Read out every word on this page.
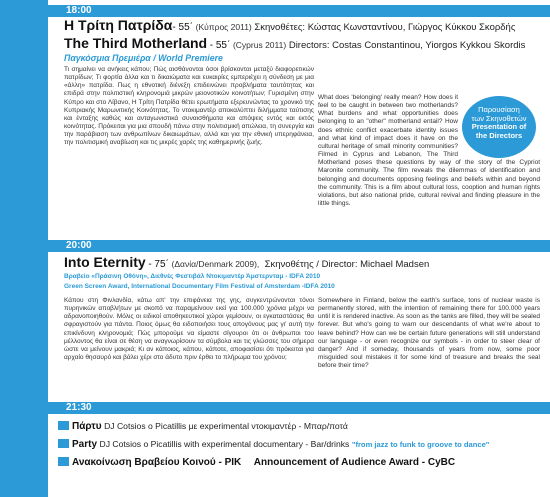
18:00
Η Τρίτη Πατρίδα- 55΄ (Κύπρος 2011) Σκηνοθέτες: Κώστας Κωνσταντίνου, Γιώργος Κύκκου Σκορδής
The Third Motherland - 55΄ (Cyprus 2011) Directors: Costas Constantinou, Yiorgos Kykkou Skordis
Παγκόσμια Πρεμιέρα / World Premiere
Τι σημαίνει να ανήκεις κάπου; Πώς αισθάνονται όσοι βρίσκονται μεταξύ διαφορετικών πατρίδων; Τι φορτία άλλα και τι δικαιώματα και ευκαιρίες εμπεριέχει η σύνδεση με μια «άλλη» πατρίδα. Πως η εθνοτική διένεξη επιδεινώνει προβλήματα ταυτότητας και επιδρά στην πολιτιστική κληρονομιά μικρών μειονοτικών κοινοτήτων; Γυρισμένη στην Κύπρο και στο Λίβανο, Η Τρίτη Πατρίδα θέτει ερωτήματα εξερευνώντας το χρονικό της Κυπριακής Μαρωνιτικής Κοινότητας. Το ντοκιμαντέρ αποκαλύπτει διλήμματα ταύτισης και ένταξης καθώς και ανταγωνιστικά συναισθήματα και απόψεις εντός και εκτός κοινότητας. Πρόκειται για μια σπουδή πάνω στην πολιτισμική απώλεια, τη συνεργία και την παράβιαση των ανθρωπίνων δικαιωμάτων, αλλά και για την εθνική υπερηφάνεια, την πολιτισμική αναβίωση και τις μικρές χαρές της καθημερινής ζωής.
What does 'belonging' really mean? How does it feel to be caught in between two motherlands? What burdens and what opportunities does belonging to an "other" motherland entail? How does ethnic conflict exacerbate identity issues and what kind of impact does it have on the cultural heritage of small minority communities? Filmed in Cyprus and Lebanon, The Third Motherland poses these questions by way of the story of the Cypriot Maronite community. The film reveals the dilemmas of identification and belonging and documents opposing feelings and beliefs within and beyond the community. This is a film about cultural loss, cooption and human rights violations, but also national pride, cultural revival and finding pleasure in the little things.
Παρουσίαση
των Σκηνοθετών
Presentation of
the Directors
20:00
Into Eternity - 75΄ (Δανία/Denmark 2009), Σκηνοθέτης / Director: Michael Madsen
Βραβείο «Πράσινη Οθόνη», Διεθνές Φεστιβάλ Ντοκιμαντέρ Άμστερνταμ - IDFA 2010
Green Screen Award, International Documentary Film Festival of Amsterdam -IDFA 2010
Κάπου στη Φινλανδία, κάτω απ' την επιφάνεια της γης, συγκεντρώνονται τόνοι πυρηνικών αποβλήτων με σκοπό να παραμείνουν εκεί για 100.000 χρόνια μέχρι να αδρανοποιηθούν. Μόλις οι ειδικοί αποθηκευτικοί χώροι γεμίσουν, οι εγκαταστάσεις θα σφραγιστούν για πάντα. Ποιος όμως θα ειδοποιήσει τους απογόνους μας γι' αυτή την επικίνδυνη κληρονομιά; Πώς μπορούμε να είμαστε σίγουροι ότι οι άνθρωποι του μέλλοντος θα είναι σε θέση να αναγνωρίσουν τα σύμβολα και τις γλώσσες του σήμερα ώστε να μείνουν μακριά; Κι αν κάποιος, κάπου, κάποτε, αποφασίσει ότι πρόκειται για αρχαίο θησαυρό και βάλει χέρι στο άδυτο πριν έρθει το πλήρωμα του χρόνου;
Somewhere in Finland, below the earth's surface, tons of nuclear waste is permanently stored, with the intention of remaining there for 100.000 years until it is rendered inactive. As soon as the tanks are filled, they will be sealed forever. But who's going to warn our descendants of what we're about to leave behind? How can we be certain future generations will still understand our language - or even recognize our symbols - in order to steer clear of danger? And if someday, thousands of years from now, some poor misguided soul mistakes it for some kind of treasure and breaks the seal before their time?
21:30
Πάρτυ DJ Cotsios ο Picatillis με experimental ντοκιμαντέρ - Μπαρ/ποτά
Party DJ Cotsios o Picatillis with experimental documentary - Bar/drinks "from jazz to funk to groove to dance"
Ανακοίνωση Βραβείου Κοινού - PIK Announcement of Audience Award - CyBC
